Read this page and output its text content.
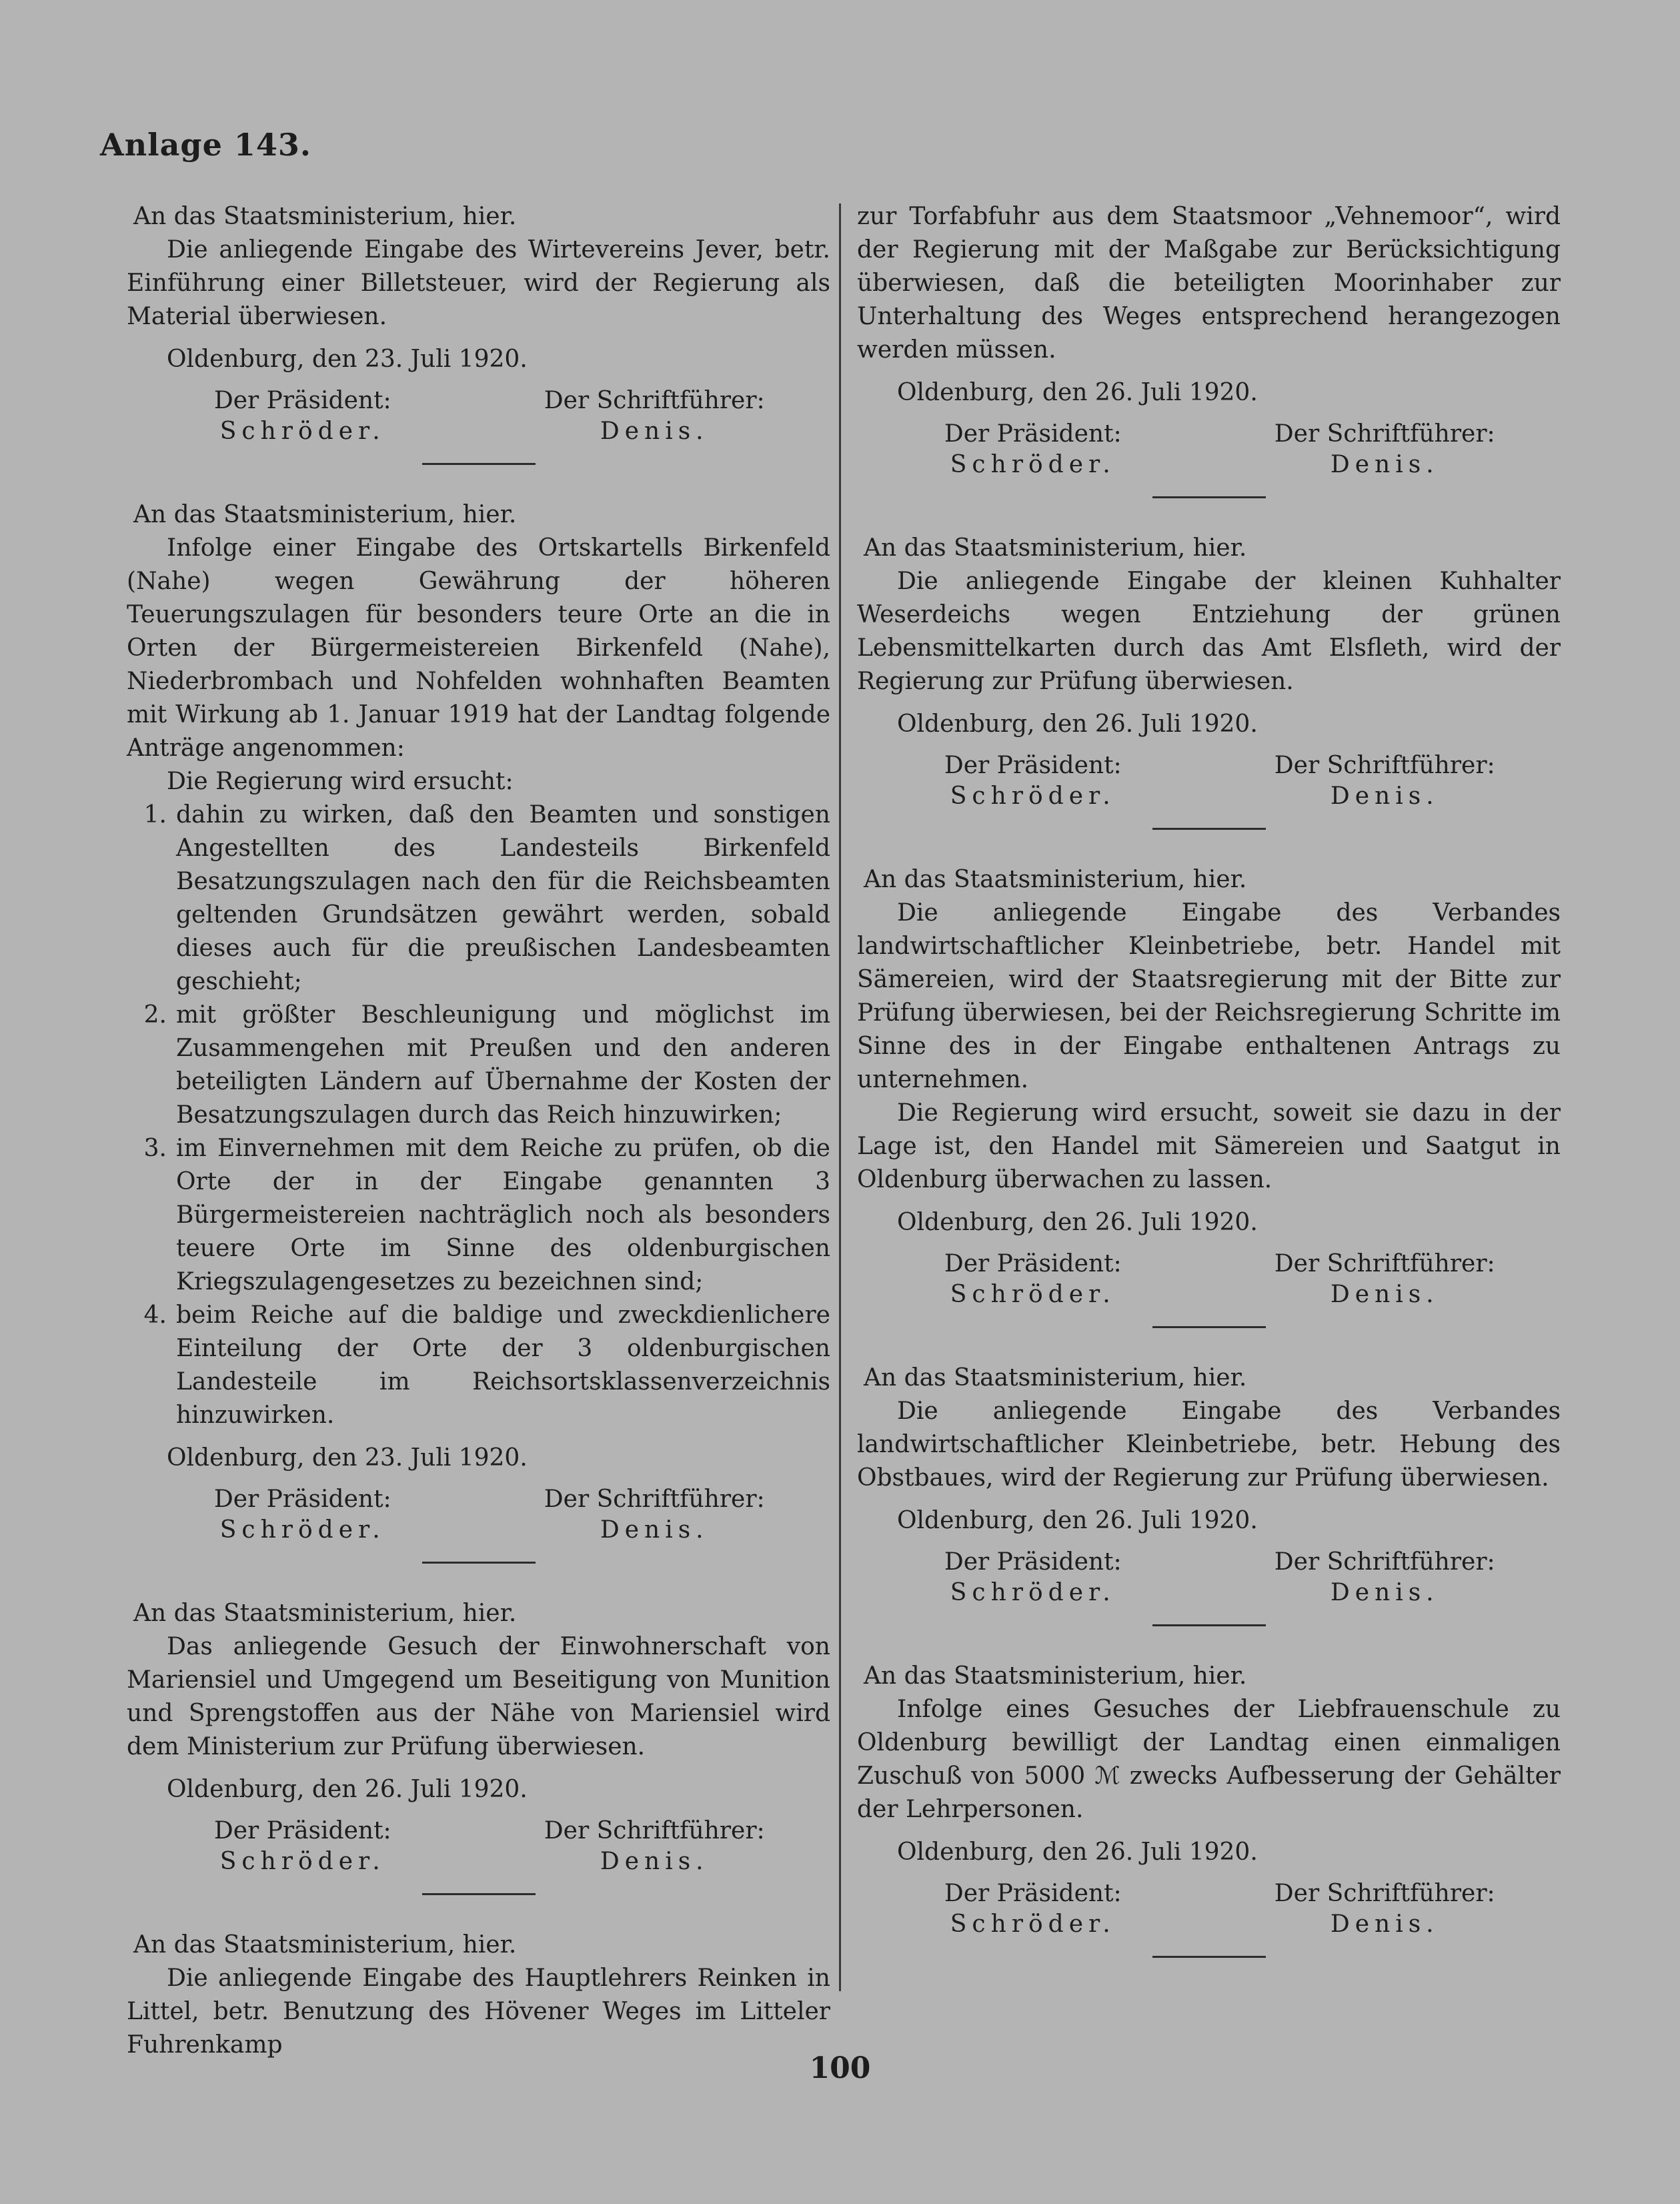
Anlage 143.
An das Staatsministerium, hier.

Die anliegende Eingabe des Wirtevereins Jever, betr. Einführung einer Billetsteuer, wird der Regierung als Material überwiesen.

Oldenburg, den 23. Juli 1920.
Der Präsident:
Schröder.
Der Schriftführer:
Denis.
An das Staatsministerium, hier.

Infolge einer Eingabe des Ortskartells Birkenfeld (Nahe) wegen Gewährung der höheren Teuerungszulagen für besonders teure Orte an die in Orten der Bürgermeistereien Birkenfeld (Nahe), Niederbrombach und Nohfelden wohnhaften Beamten mit Wirkung ab 1. Januar 1919 hat der Landtag folgende Anträge angenommen:

Die Regierung wird ersucht:
1. dahin zu wirken, daß den Beamten und sonstigen Angestellten des Landesteils Birkenfeld Besatzungszulagen nach den für die Reichsbeamten geltenden Grundsätzen gewährt werden, sobald dieses auch für die preußischen Landesbeamten geschieht;
2. mit größter Beschleunigung und möglichst im Zusammengehen mit Preußen und den anderen beteiligten Ländern auf Übernahme der Kosten der Besatzungszulagen durch das Reich hinzuwirken;
3. im Einvernehmen mit dem Reiche zu prüfen, ob die Orte der in der Eingabe genannten 3 Bürgermeistereien nachträglich noch als besonders teuere Orte im Sinne des oldenburgischen Kriegszulagengesetzes zu bezeichnen sind;
4. beim Reiche auf die baldige und zweckdienlichere Einteilung der Orte der 3 oldenburgischen Landesteile im Reichsortsklassenverzeichnis hinzuwirken.
Oldenburg, den 23. Juli 1920.
Der Präsident:
Schröder.
Der Schriftführer:
Denis.
An das Staatsministerium, hier.

Das anliegende Gesuch der Einwohnerschaft von Mariensiel und Umgegend um Beseitigung von Munition und Sprengstoffen aus der Nähe von Mariensiel wird dem Ministerium zur Prüfung überwiesen.

Oldenburg, den 26. Juli 1920.
Der Präsident:
Schröder.
Der Schriftführer:
Denis.
An das Staatsministerium, hier.

Die anliegende Eingabe des Hauptlehrers Reinken in Littel, betr. Benutzung des Hövener Weges im Litteler Fuhrenkamp

zur Torfabfuhr aus dem Staatsmoor „Vehnemoor“, wird der Regierung mit der Maßgabe zur Berücksichtigung überwiesen, daß die beteiligten Moorinhaber zur Unterhaltung des Weges entsprechend herangezogen werden müssen.

Oldenburg, den 26. Juli 1920.
Der Präsident:
Schröder.
Der Schriftführer:
Denis.
An das Staatsministerium, hier.

Die anliegende Eingabe der kleinen Kuhhalter Weserdeichs wegen Entziehung der grünen Lebensmittelkarten durch das Amt Elsfleth, wird der Regierung zur Prüfung überwiesen.

Oldenburg, den 26. Juli 1920.
Der Präsident:
Schröder.
Der Schriftführer:
Denis.
An das Staatsministerium, hier.

Die anliegende Eingabe des Verbandes landwirtschaftlicher Kleinbetriebe, betr. Handel mit Sämereien, wird der Staatsregierung mit der Bitte zur Prüfung überwiesen, bei der Reichsregierung Schritte im Sinne des in der Eingabe enthaltenen Antrags zu unternehmen.

Die Regierung wird ersucht, soweit sie dazu in der Lage ist, den Handel mit Sämereien und Saatgut in Oldenburg überwachen zu lassen.

Oldenburg, den 26. Juli 1920.
Der Präsident:
Schröder.
Der Schriftführer:
Denis.
An das Staatsministerium, hier.

Die anliegende Eingabe des Verbandes landwirtschaftlicher Kleinbetriebe, betr. Hebung des Obstbaues, wird der Regierung zur Prüfung überwiesen.

Oldenburg, den 26. Juli 1920.
Der Präsident:
Schröder.
Der Schriftführer:
Denis.
An das Staatsministerium, hier.

Infolge eines Gesuches der Liebfrauenschule zu Oldenburg bewilligt der Landtag einen einmaligen Zuschuß von 5000 ℳ zwecks Aufbesserung der Gehälter der Lehrpersonen.

Oldenburg, den 26. Juli 1920.
Der Präsident:
Schröder.
Der Schriftführer:
Denis.
100
